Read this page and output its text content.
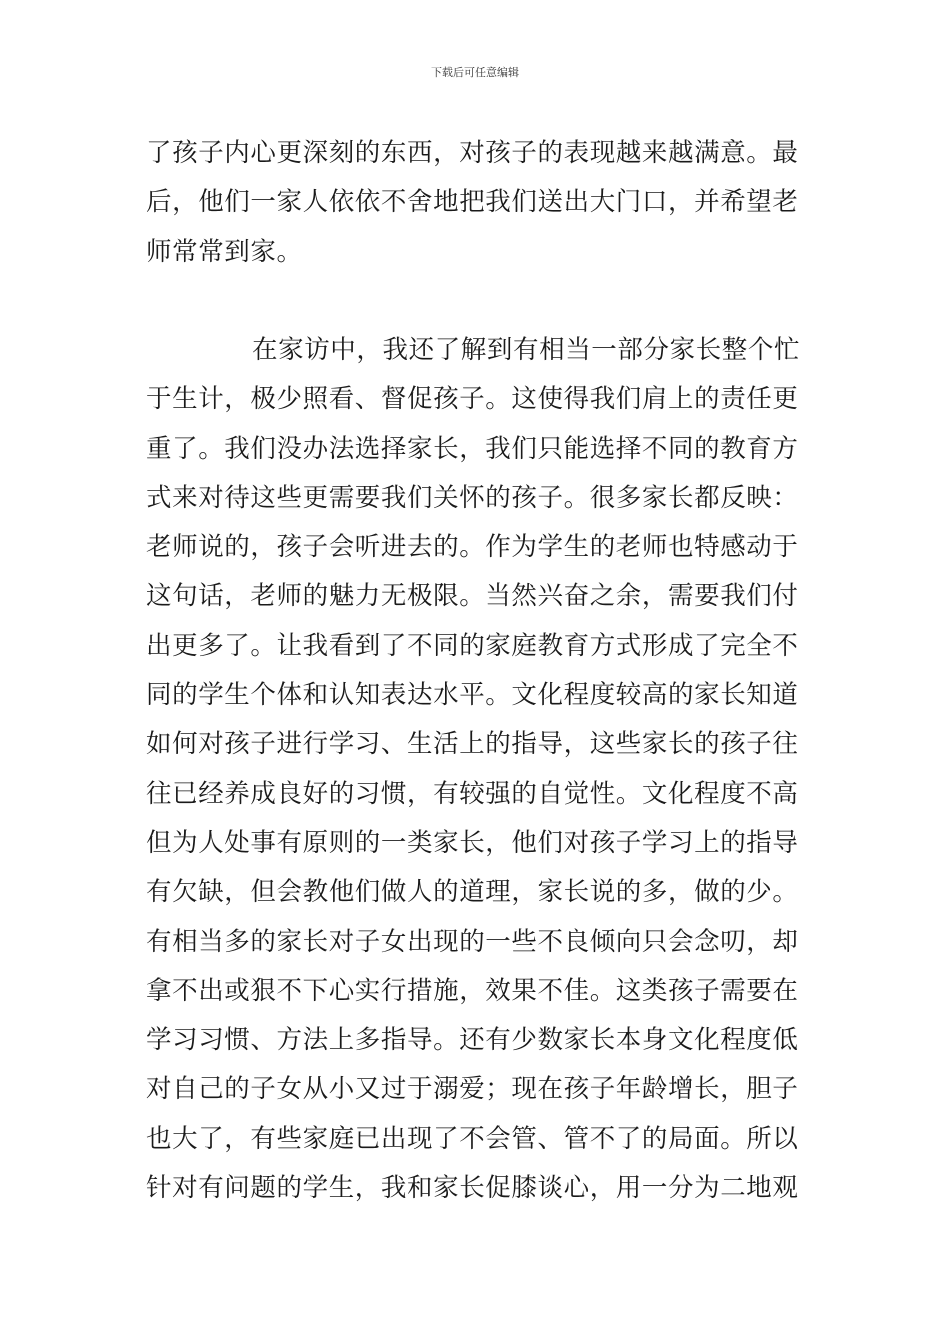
下载后可任意编辑
了孩子内心更深刻的东西，对孩子的表现越来越满意。最
后，他们一家人依依不舍地把我们送出大门口，并希望老
师常常到家。
在家访中，我还了解到有相当一部分家长整个忙
于生计，极少照看、督促孩子。这使得我们肩上的责任更
重了。我们没办法选择家长，我们只能选择不同的教育方
式来对待这些更需要我们关怀的孩子。很多家长都反映：
老师说的，孩子会听进去的。作为学生的老师也特感动于
这句话，老师的魅力无极限。当然兴奋之余，需要我们付
出更多了。让我看到了不同的家庭教育方式形成了完全不
同的学生个体和认知表达水平。文化程度较高的家长知道
如何对孩子进行学习、生活上的指导，这些家长的孩子往
往已经养成良好的习惯，有较强的自觉性。文化程度不高
但为人处事有原则的一类家长，他们对孩子学习上的指导
有欠缺，但会教他们做人的道理，家长说的多，做的少。
有相当多的家长对子女出现的一些不良倾向只会念叨，却
拿不出或狠不下心实行措施，效果不佳。这类孩子需要在
学习习惯、方法上多指导。还有少数家长本身文化程度低
对自己的子女从小又过于溺爱；现在孩子年龄增长，胆子
也大了，有些家庭已出现了不会管、管不了的局面。所以
针对有问题的学生，我和家长促膝谈心，用一分为二地观
